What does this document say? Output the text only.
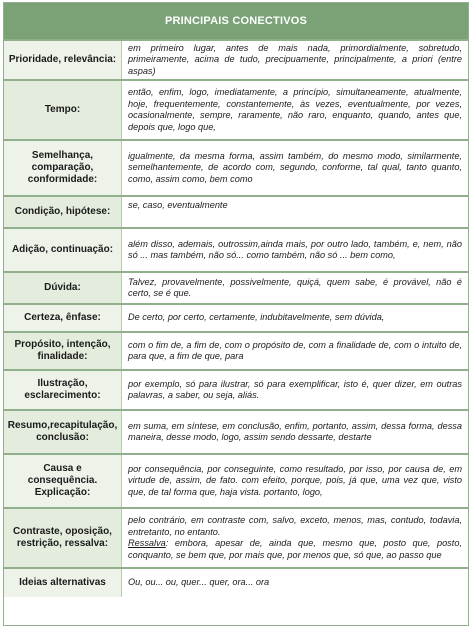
PRINCIPAIS CONECTIVOS
Prioridade, relevância:
em primeiro lugar, antes de mais nada, primordialmente, sobretudo, primeiramente, acima de tudo, precipuamente, principalmente, a priori (entre aspas)
Tempo:
então, enfim, logo, imediatamente, a princípio, simultaneamente, atualmente, hoje, frequentemente, constantemente, às vezes, eventualmente, por vezes, ocasionalmente, sempre, raramente, não raro, enquanto, quando, antes que, depois que, logo que,
Semelhança, comparação, conformidade:
igualmente, da mesma forma, assim também, do mesmo modo, similarmente, semelhantemente, de acordo com, segundo, conforme, tal qual, tanto quanto, como, assim como, bem como
Condição, hipótese:
se, caso, eventualmente
Adição, continuação:
além disso, ademais, outrossim,ainda mais, por outro lado, também, e, nem, não só ... mas também, não só... como também, não só ... bem como,
Dúvida:
Talvez, provavelmente, possivelmente, quiçá, quem sabe, é provável, não é certo, se é que.
Certeza, ênfase:	De certo, por certo, certamente, indubitavelmente, sem dúvida,
Propósito, intenção, finalidade:
com o fim de, a fim de, com o propósito de, com a finalidade de, com o intuito de, para que, a fim de que, para
Ilustração, esclarecimento:
por exemplo, só para ilustrar, só para exemplificar, isto é, quer dizer, em outras palavras, a saber, ou seja, aliás.
Resumo,recapitulação, conclusão:
em suma, em síntese, em conclusão, enfim, portanto, assim, dessa forma, dessa maneira, desse modo, logo, assim sendo dessarte, destarte
Causa e consequência. Explicação:
por consequência, por conseguinte, como resultado, por isso, por causa de, em virtude de, assim, de fato. com efeito, porque, pois, já que, uma vez que, visto que, de tal forma que, haja vista. portanto, logo,
Contraste, oposição, restrição, ressalva:
pelo contrário, em contraste com, salvo, exceto, menos, mas, contudo, todavia, entretanto, no entanto.
Ressalva: embora, apesar de, ainda que, mesmo que, posto que, posto, conquanto, se bem que, por mais que, por menos que, só que, ao passo que
Ideias alternativas	Ou, ou... ou, quer... quer, ora... ora
